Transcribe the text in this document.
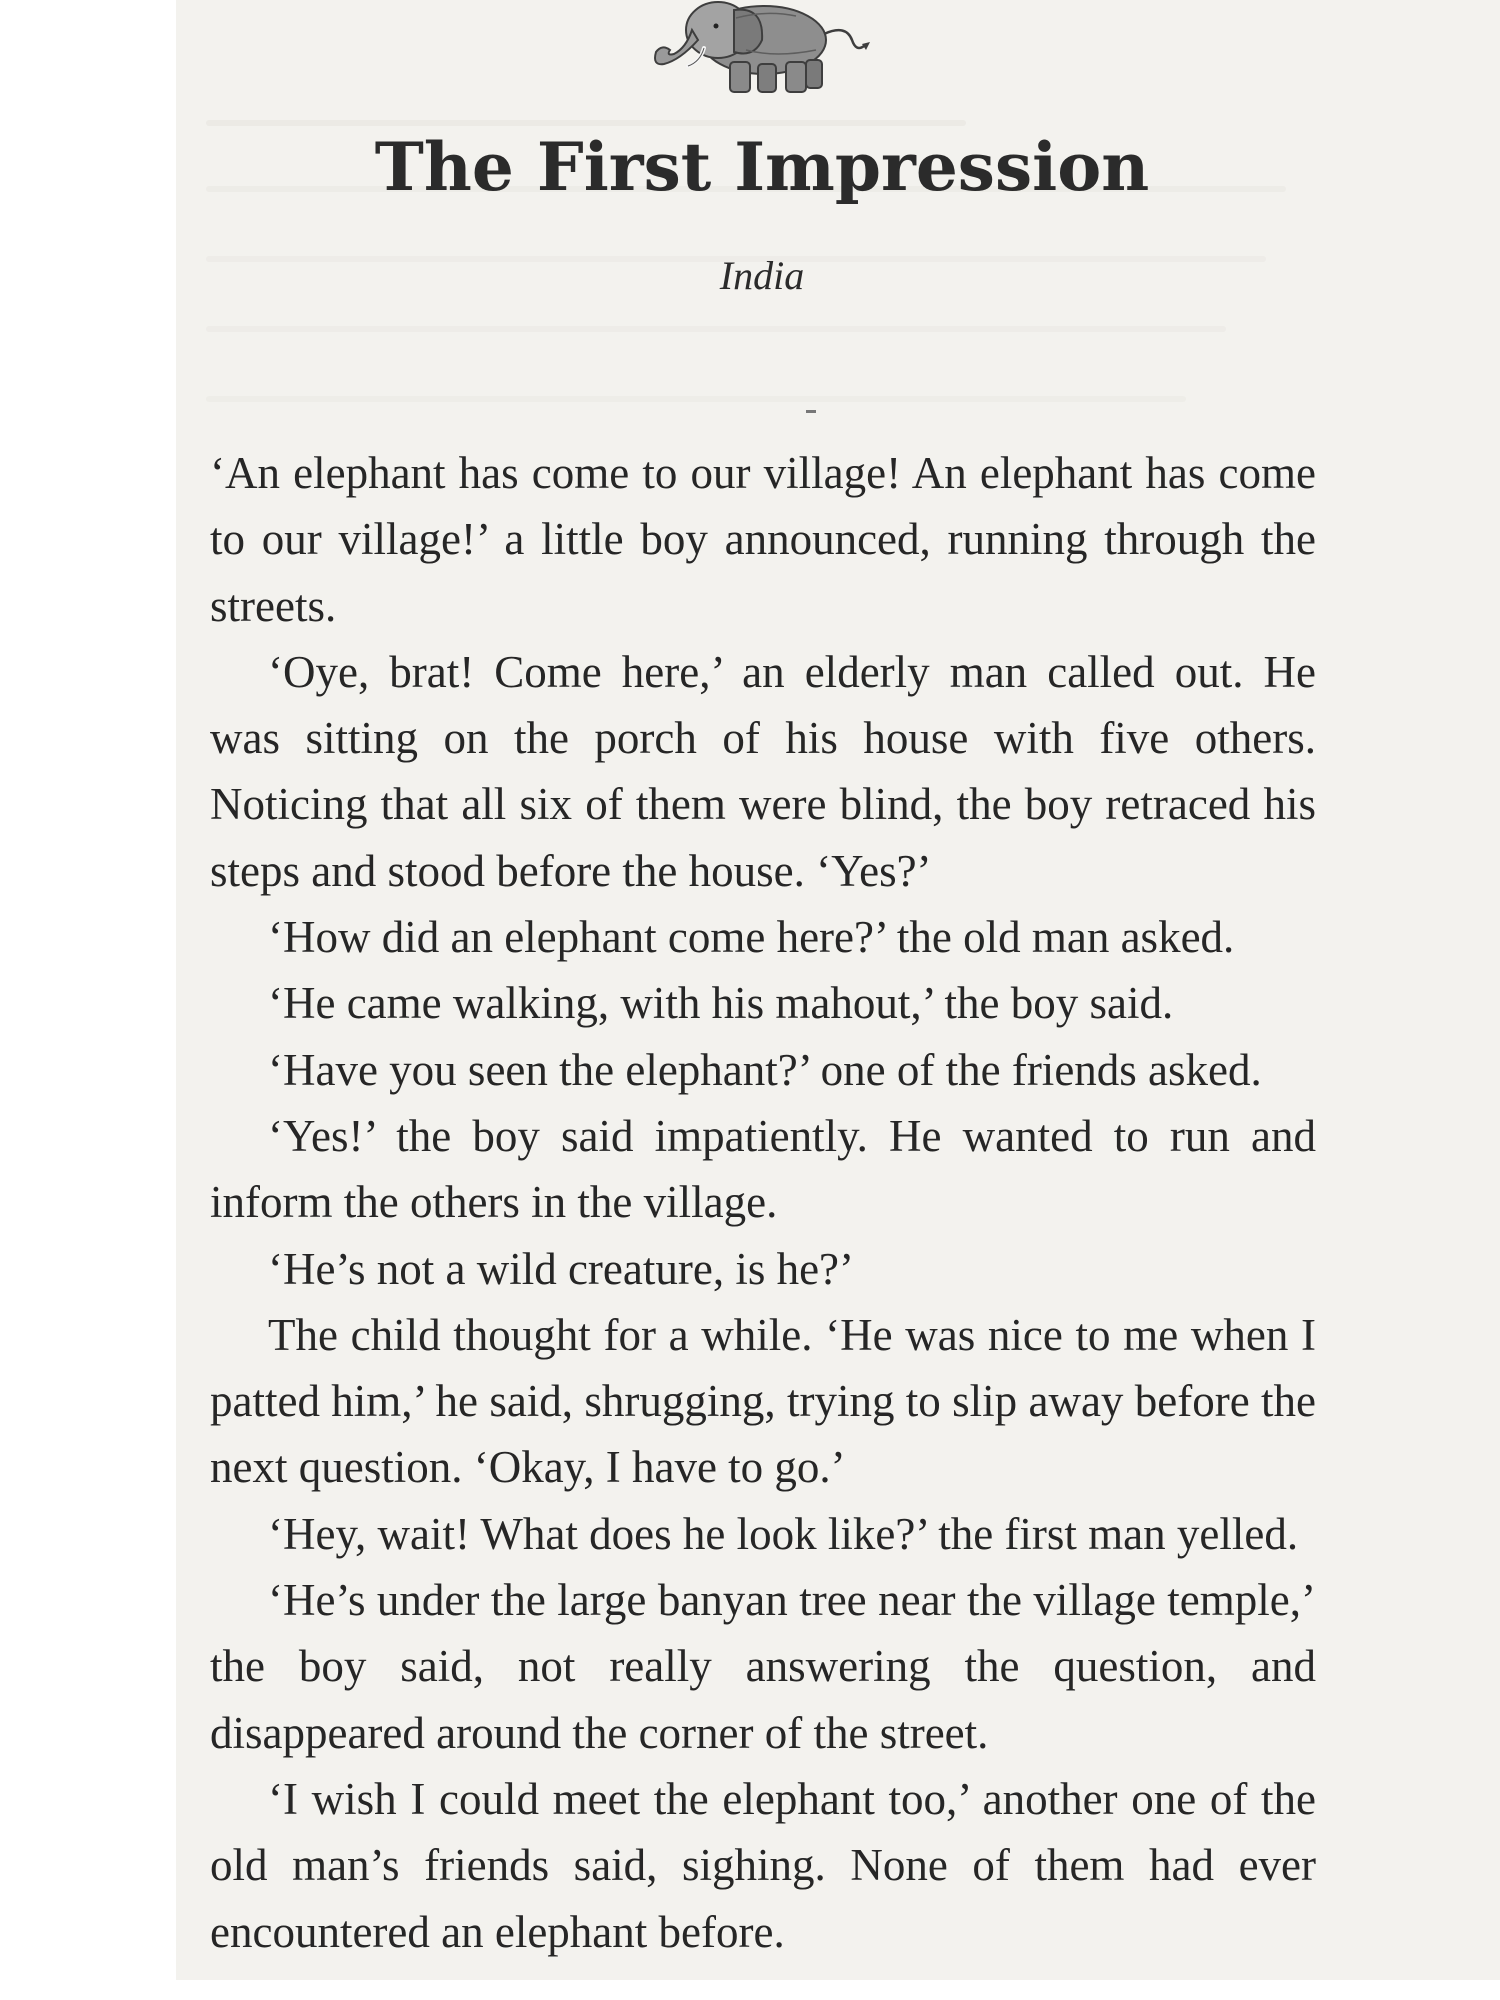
The First Impression
India

‘An elephant has come to our village! An elephant has come to our village!’ a little boy announced, running through the streets.

‘Oye, brat! Come here,’ an elderly man called out. He was sitting on the porch of his house with five others. Noticing that all six of them were blind, the boy retraced his steps and stood before the house. ‘Yes?’

‘How did an elephant come here?’ the old man asked.

‘He came walking, with his mahout,’ the boy said.

‘Have you seen the elephant?’ one of the friends asked.

‘Yes!’ the boy said impatiently. He wanted to run and inform the others in the village.

‘He’s not a wild creature, is he?’

The child thought for a while. ‘He was nice to me when I patted him,’ he said, shrugging, trying to slip away before the next question. ‘Okay, I have to go.’

‘Hey, wait! What does he look like?’ the first man yelled.

‘He’s under the large banyan tree near the village temple,’ the boy said, not really answering the question, and disappeared around the corner of the street.

‘I wish I could meet the elephant too,’ another one of the old man’s friends said, sighing. None of them had ever encountered an elephant before.
